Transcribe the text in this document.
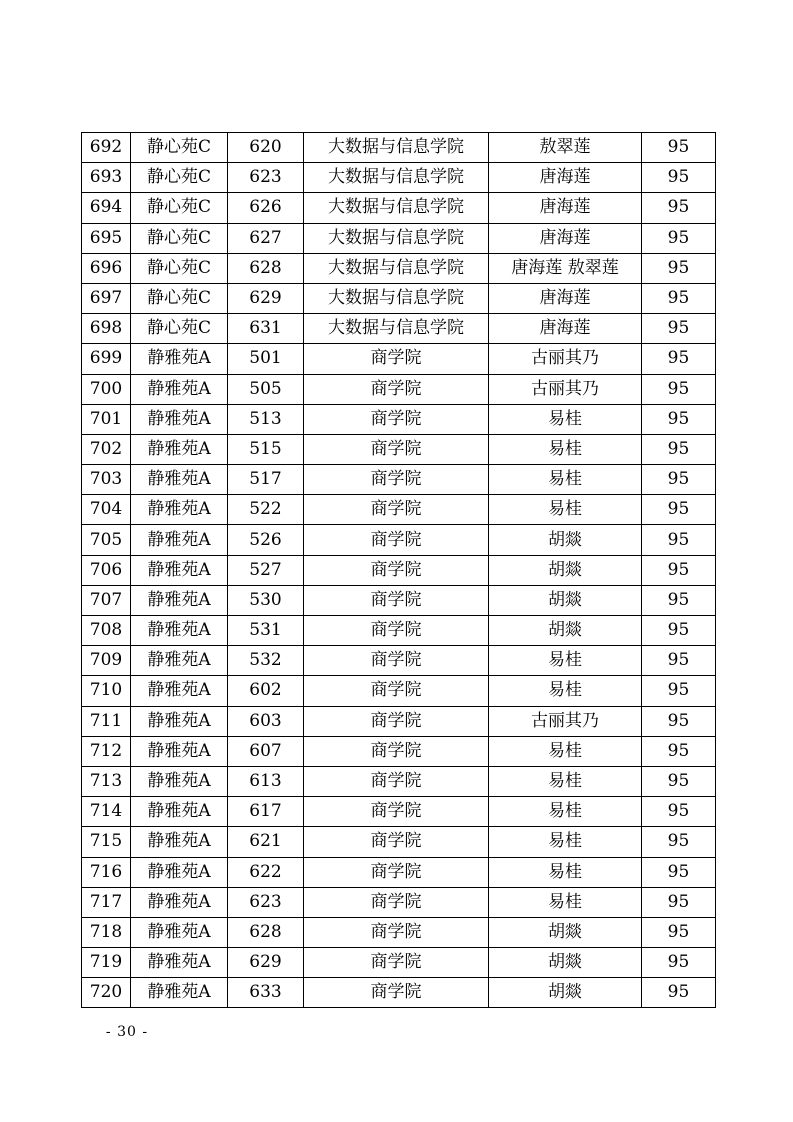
692	静心苑C	620	大数据与信息学院	敖翠莲	95
693	静心苑C	623	大数据与信息学院	唐海莲	95
694	静心苑C	626	大数据与信息学院	唐海莲	95
695	静心苑C	627	大数据与信息学院	唐海莲	95
696	静心苑C	628	大数据与信息学院	唐海莲 敖翠莲	95
697	静心苑C	629	大数据与信息学院	唐海莲	95
698	静心苑C	631	大数据与信息学院	唐海莲	95
699	静雅苑A	501	商学院	古丽其乃	95
700	静雅苑A	505	商学院	古丽其乃	95
701	静雅苑A	513	商学院	易桂	95
702	静雅苑A	515	商学院	易桂	95
703	静雅苑A	517	商学院	易桂	95
704	静雅苑A	522	商学院	易桂	95
705	静雅苑A	526	商学院	胡燚	95
706	静雅苑A	527	商学院	胡燚	95
707	静雅苑A	530	商学院	胡燚	95
708	静雅苑A	531	商学院	胡燚	95
709	静雅苑A	532	商学院	易桂	95
710	静雅苑A	602	商学院	易桂	95
711	静雅苑A	603	商学院	古丽其乃	95
712	静雅苑A	607	商学院	易桂	95
713	静雅苑A	613	商学院	易桂	95
714	静雅苑A	617	商学院	易桂	95
715	静雅苑A	621	商学院	易桂	95
716	静雅苑A	622	商学院	易桂	95
717	静雅苑A	623	商学院	易桂	95
718	静雅苑A	628	商学院	胡燚	95
719	静雅苑A	629	商学院	胡燚	95
720	静雅苑A	633	商学院	胡燚	95
- 30 -
